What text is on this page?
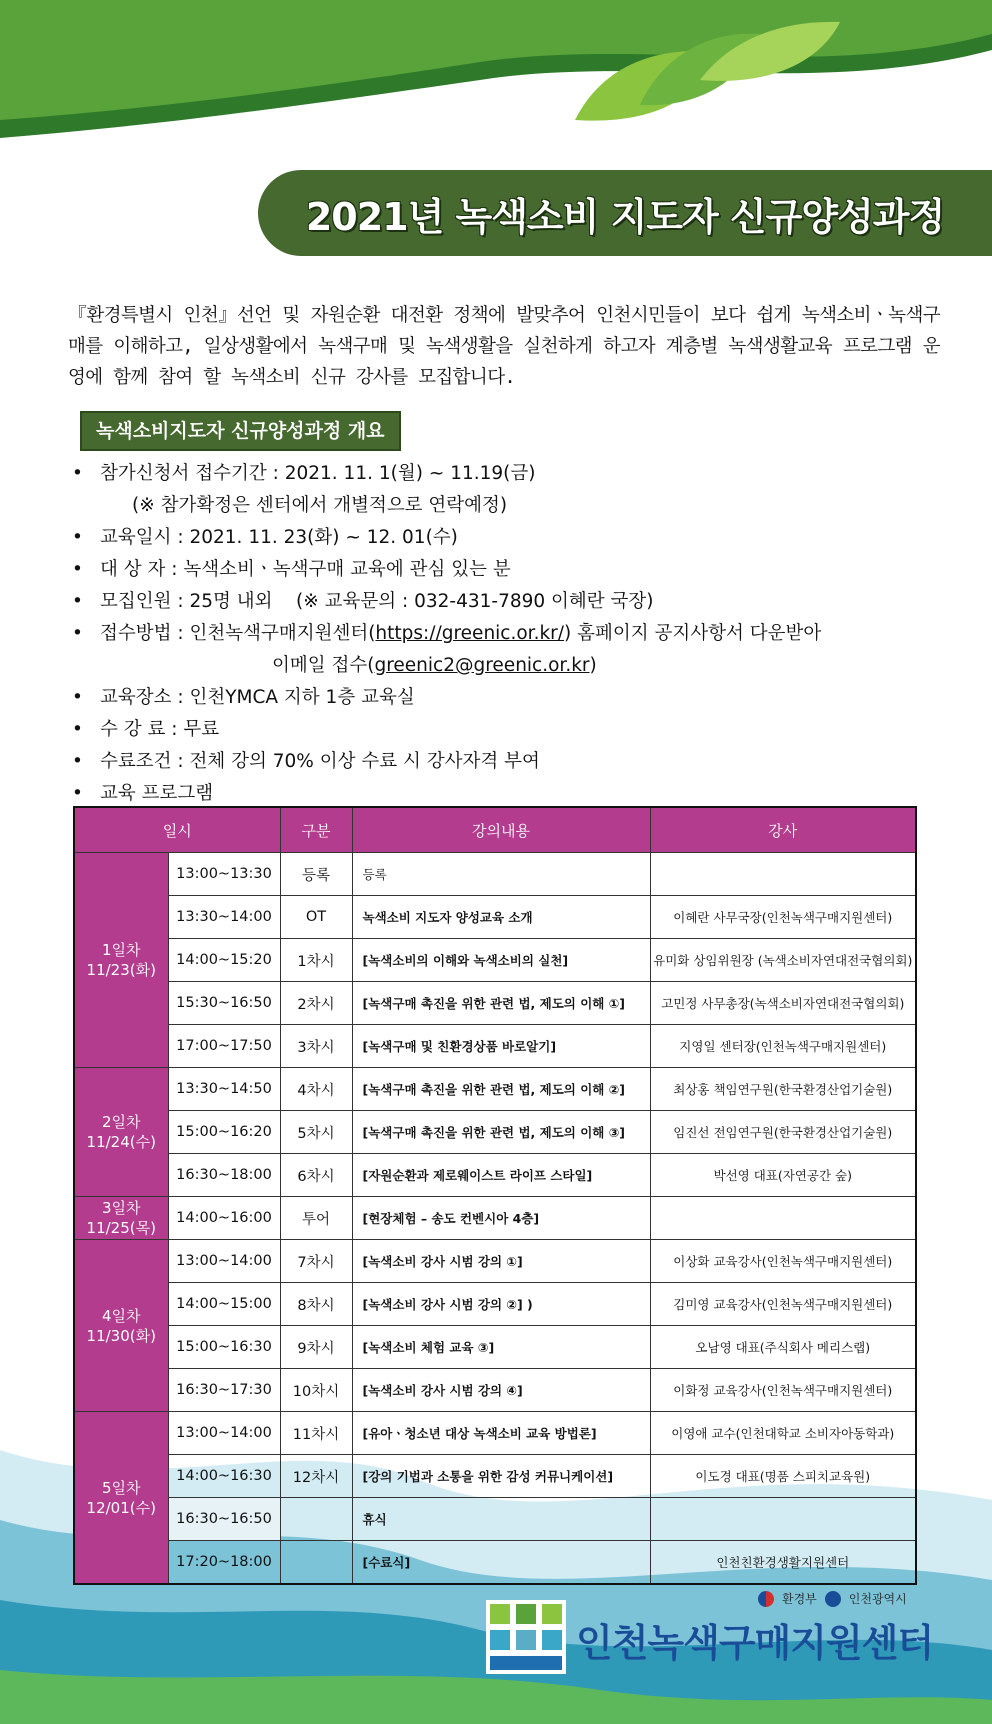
2021년 녹색소비 지도자 신규양성과정
『환경특별시 인천』선언 및 자원순환 대전환 정책에 발맞추어 인천시민들이 보다 쉽게 녹색소비ㆍ녹색구매를 이해하고, 일상생활에서 녹색구매 및 녹색생활을 실천하게 하고자 계층별 녹색생활교육 프로그램 운영에 함께 참여 할 녹색소비 신규 강사를 모집합니다.
녹색소비지도자 신규양성과정 개요
• 참가신청서 접수기간 : 2021. 11. 1(월) ~ 11.19(금)
(※ 참가확정은 센터에서 개별적으로 연락예정)
• 교육일시 : 2021. 11. 23(화) ~ 12. 01(수)
• 대 상 자 : 녹색소비ㆍ녹색구매 교육에 관심 있는 분
• 모집인원 : 25명 내외    (※ 교육문의 : 032-431-7890 이혜란 국장)
• 접수방법 : 인천녹색구매지원센터(https://greenic.or.kr/) 홈페이지 공지사항서 다운받아
이메일 접수(greenic2@greenic.or.kr)
• 교육장소 : 인천YMCA 지하 1층 교육실
• 수 강 료 : 무료
• 수료조건 : 전체 강의 70% 이상 수료 시 강사자격 부여
• 교육 프로그램
일시		구분	강의내용	강사
1일차
11/23(화)	13:00~13:30	등록	등록	
	13:30~14:00	OT	녹색소비 지도자 양성교육 소개	이혜란 사무국장(인천녹색구매지원센터)
	14:00~15:20	1차시	[녹색소비의 이해와 녹색소비의 실천]	유미화 상임위원장 (녹색소비자연대전국협의회)
	15:30~16:50	2차시	[녹색구매 촉진을 위한 관련 법, 제도의 이해 ①]	고민정 사무총장(녹색소비자연대전국협의회)
	17:00~17:50	3차시	[녹색구매 및 친환경상품 바로알기]	지영일 센터장(인천녹색구매지원센터)
2일차
11/24(수)	13:30~14:50	4차시	[녹색구매 촉진을 위한 관련 법, 제도의 이해 ②]	최상홍 책임연구원(한국환경산업기술원)
	15:00~16:20	5차시	[녹색구매 촉진을 위한 관련 법, 제도의 이해 ③]	임진선 전임연구원(한국환경산업기술원)
	16:30~18:00	6차시	[자원순환과 제로웨이스트 라이프 스타일]	박선영 대표(자연공간 숲)
3일차
11/25(목)	14:00~16:00	투어	[현장체험 – 송도 컨벤시아 4층]	
4일차
11/30(화)	13:00~14:00	7차시	[녹색소비 강사 시범 강의 ①]	이상화 교육강사(인천녹색구매지원센터)
	14:00~15:00	8차시	[녹색소비 강사 시범 강의 ②] )	김미영 교육강사(인천녹색구매지원센터)
	15:00~16:30	9차시	[녹색소비 체험 교육 ③]	오남영 대표(주식회사 메리스랩)
	16:30~17:30	10차시	[녹색소비 강사 시범 강의 ④]	이화정 교육강사(인천녹색구매지원센터)
5일차
12/01(수)	13:00~14:00	11차시	[유아ㆍ청소년 대상 녹색소비 교육 방법론]	이영애 교수(인천대학교 소비자아동학과)
	14:00~16:30	12차시	[강의 기법과 소통을 위한 감성 커뮤니케이션]	이도경 대표(명품 스피치교육원)
	16:30~16:50		휴식	
	17:20~18:00		[수료식]	인천친환경생활지원센터
환경부	인천광역시
인천녹색구매지원센터
